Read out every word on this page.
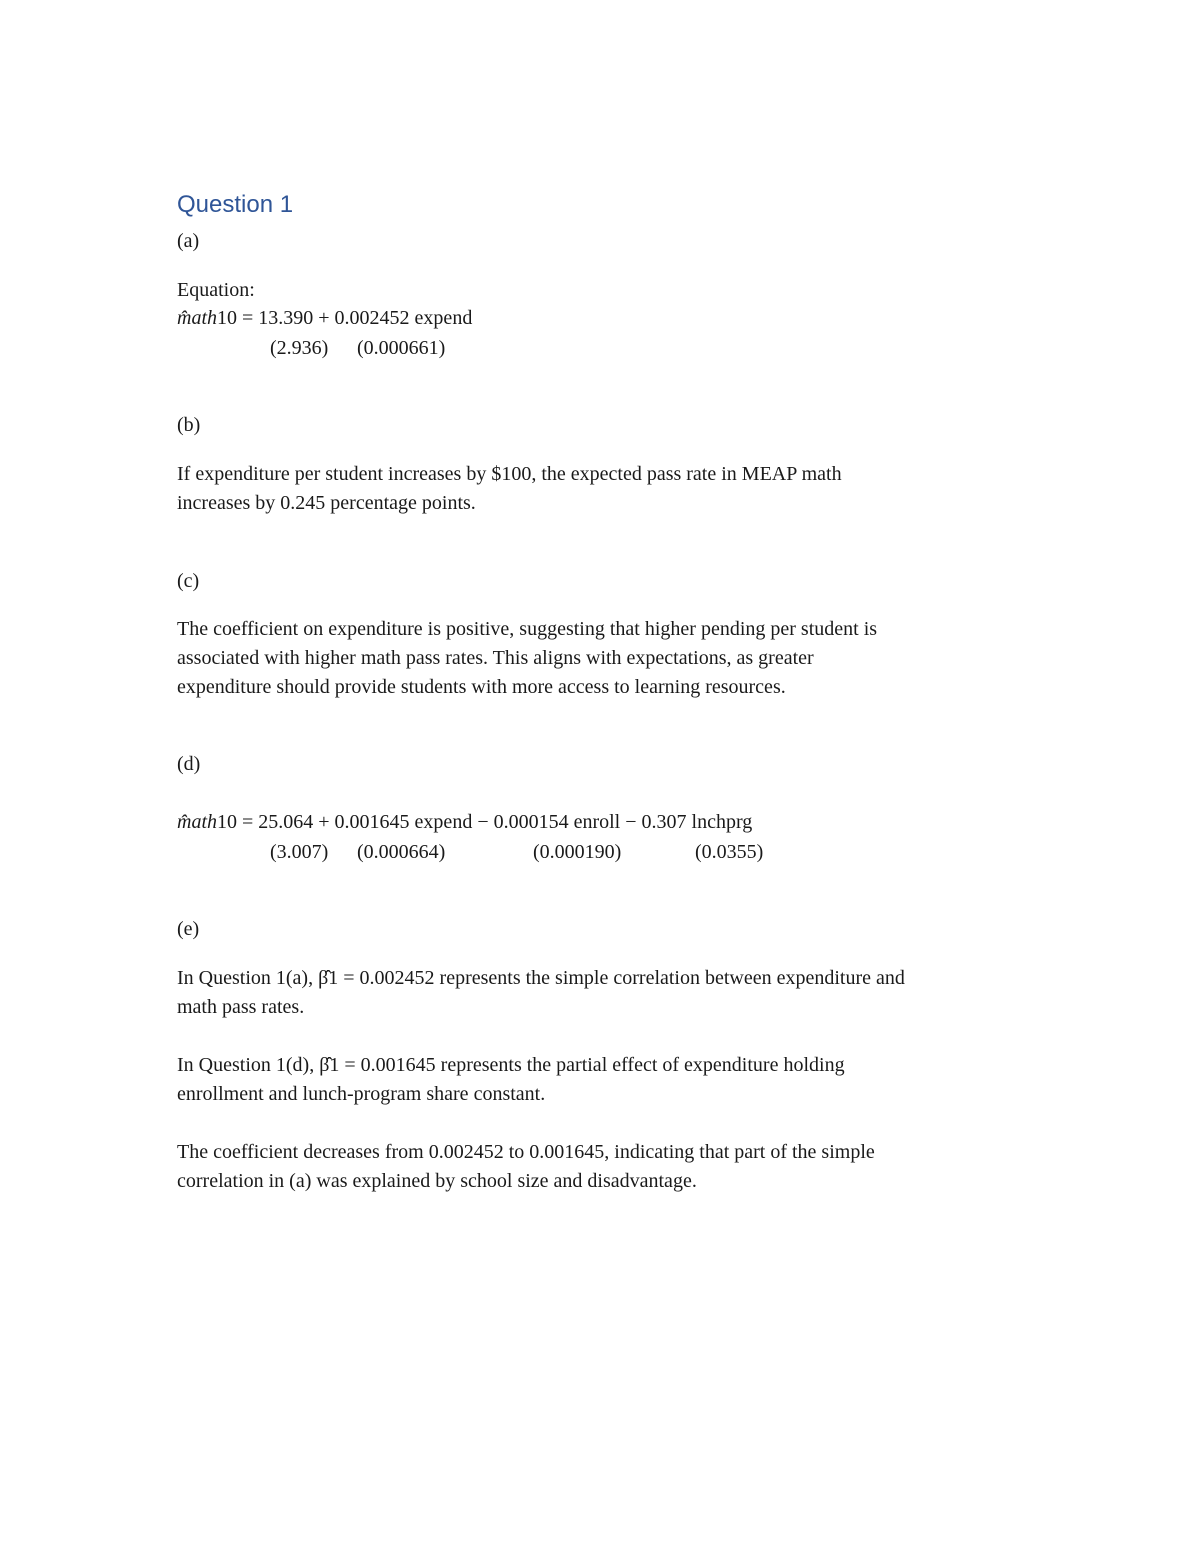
Question 1
(a)
Equation:
m̂ath10 = 13.390 + 0.002452 expend
(2.936) (0.000661)
(b)
If expenditure per student increases by $100, the expected pass rate in MEAP math
increases by 0.245 percentage points.
(c)
The coefficient on expenditure is positive, suggesting that higher pending per student is
associated with higher math pass rates. This aligns with expectations, as greater
expenditure should provide students with more access to learning resources.
(d)
m̂ath10 = 25.064 + 0.001645 expend − 0.000154 enroll − 0.307 lnchprg
(3.007) (0.000664)	(0.000190)	(0.0355)
(e)
In Question 1(a), β̂1 = 0.002452 represents the simple correlation between expenditure and
math pass rates.
In Question 1(d), β̂1 = 0.001645 represents the partial effect of expenditure holding
enrollment and lunch-program share constant.
The coefficient decreases from 0.002452 to 0.001645, indicating that part of the simple
correlation in (a) was explained by school size and disadvantage.
